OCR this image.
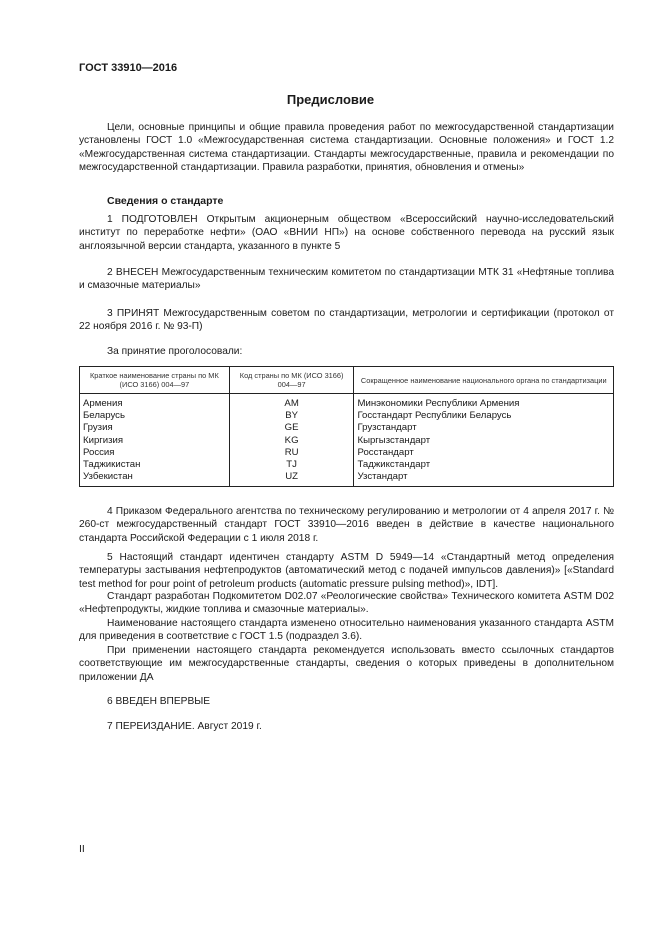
ГОСТ 33910—2016
Предисловие
Цели, основные принципы и общие правила проведения работ по межгосударственной стандартизации установлены ГОСТ 1.0 «Межгосударственная система стандартизации. Основные положения» и ГОСТ 1.2 «Межгосударственная система стандартизации. Стандарты межгосударственные, правила и рекомендации по межгосударственной стандартизации. Правила разработки, принятия, обновления и отмены»
Сведения о стандарте
1 ПОДГОТОВЛЕН Открытым акционерным обществом «Всероссийский научно-исследовательский институт по переработке нефти» (ОАО «ВНИИ НП») на основе собственного перевода на русский язык англоязычной версии стандарта, указанного в пункте 5
2 ВНЕСЕН Межгосударственным техническим комитетом по стандартизации МТК 31 «Нефтяные топлива и смазочные материалы»
3 ПРИНЯТ Межгосударственным советом по стандартизации, метрологии и сертификации (протокол от 22 ноября 2016 г. № 93-П)
За принятие проголосовали:
Краткое наименование страны по МК (ИСО 3166) 004—97	Код страны по МК (ИСО 3166) 004—97	Сокращенное наименование национального органа по стандартизации
Армения	AM	Минэкономики Республики Армения
Беларусь	BY	Госстандарт Республики Беларусь
Грузия	GE	Грузстандарт
Киргизия	KG	Кыргызстандарт
Россия	RU	Росстандарт
Таджикистан	TJ	Таджикстандарт
Узбекистан	UZ	Узстандарт
4 Приказом Федерального агентства по техническому регулированию и метрологии от 4 апреля 2017 г. № 260-ст межгосударственный стандарт ГОСТ 33910—2016 введен в действие в качестве национального стандарта Российской Федерации с 1 июля 2018 г.
5 Настоящий стандарт идентичен стандарту ASTM D 5949—14 «Стандартный метод определения температуры застывания нефтепродуктов (автоматический метод с подачей импульсов давления)» [«Standard test method for pour point of petroleum products (automatic pressure pulsing method)», IDT].
Стандарт разработан Подкомитетом D02.07 «Реологические свойства» Технического комитета ASTM D02 «Нефтепродукты, жидкие топлива и смазочные материалы».
Наименование настоящего стандарта изменено относительно наименования указанного стандарта ASTM для приведения в соответствие с ГОСТ 1.5 (подраздел 3.6).
При применении настоящего стандарта рекомендуется использовать вместо ссылочных стандартов соответствующие им межгосударственные стандарты, сведения о которых приведены в дополнительном приложении ДА
6 ВВЕДЕН ВПЕРВЫЕ
7 ПЕРЕИЗДАНИЕ. Август 2019 г.
II
